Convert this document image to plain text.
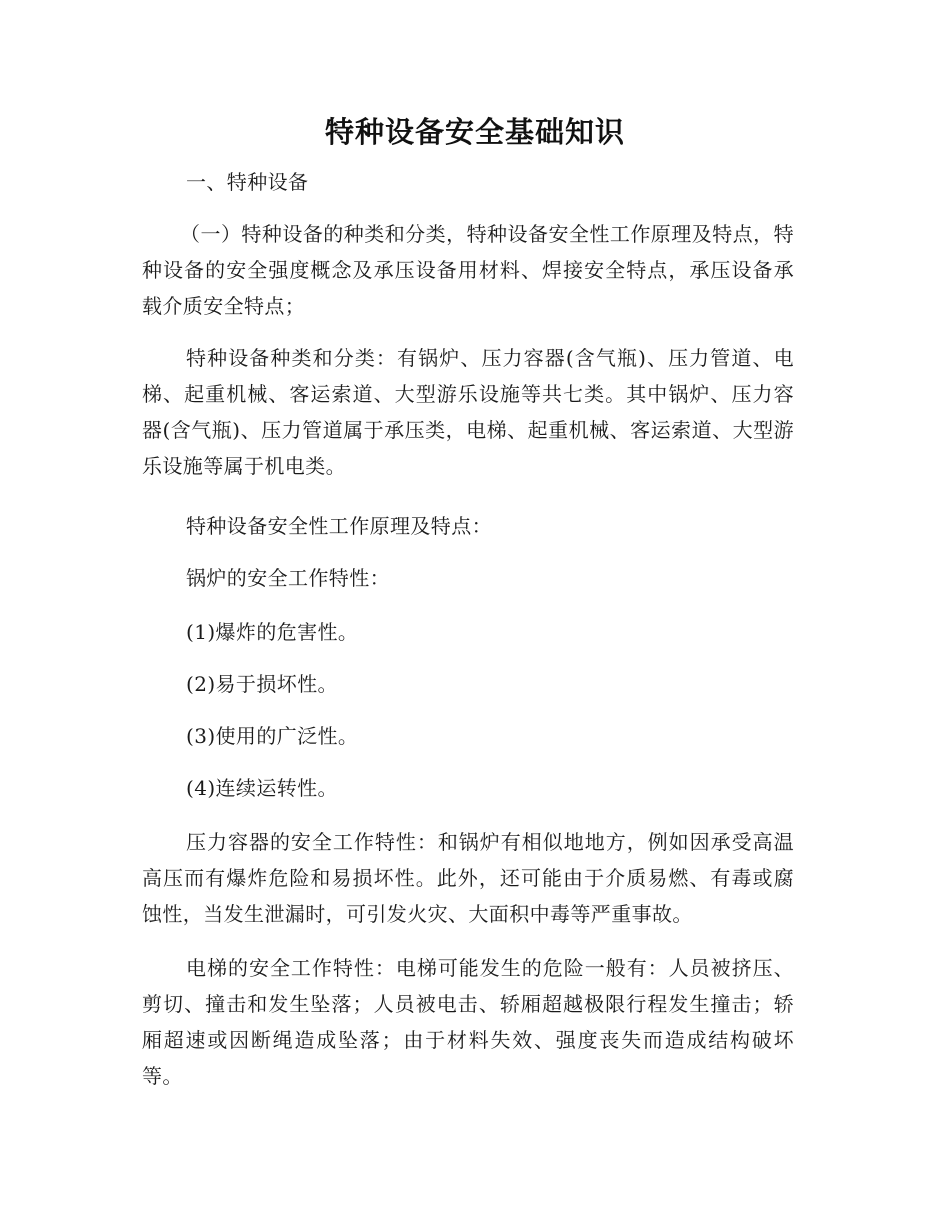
特种设备安全基础知识

一、特种设备

（一）特种设备的种类和分类，特种设备安全性工作原理及特点，特种设备的安全强度概念及承压设备用材料、焊接安全特点，承压设备承载介质安全特点；

特种设备种类和分类：有锅炉、压力容器(含气瓶)、压力管道、电梯、起重机械、客运索道、大型游乐设施等共七类。其中锅炉、压力容器(含气瓶)、压力管道属于承压类，电梯、起重机械、客运索道、大型游乐设施等属于机电类。

特种设备安全性工作原理及特点：

锅炉的安全工作特性：

(1)爆炸的危害性。

(2)易于损坏性。

(3)使用的广泛性。

(4)连续运转性。

压力容器的安全工作特性：和锅炉有相似地地方，例如因承受高温高压而有爆炸危险和易损坏性。此外，还可能由于介质易燃、有毒或腐蚀性，当发生泄漏时，可引发火灾、大面积中毒等严重事故。

电梯的安全工作特性：电梯可能发生的危险一般有：人员被挤压、剪切、撞击和发生坠落；人员被电击、轿厢超越极限行程发生撞击；轿厢超速或因断绳造成坠落；由于材料失效、强度丧失而造成结构破坏等。
